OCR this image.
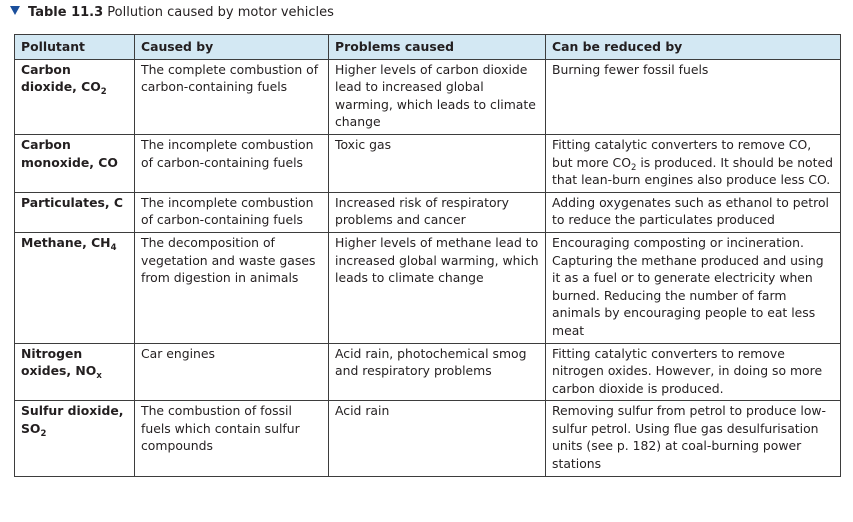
Table 11.3 Pollution caused by motor vehicles
Pollutant	Caused by	Problems caused	Can be reduced by
Carbon dioxide, $CO_2$	The complete combustion of carbon-containing fuels	Higher levels of carbon dioxide lead to increased global warming, which leads to climate change	Burning fewer fossil fuels
Carbon monoxide, CO	The incomplete combustion of carbon-containing fuels	Toxic gas	Fitting catalytic converters to remove CO, but more $CO_2$ is produced. It should be noted that lean-burn engines also produce less CO.
Particulates, C	The incomplete combustion of carbon-containing fuels	Increased risk of respiratory problems and cancer	Adding oxygenates such as ethanol to petrol to reduce the particulates produced
Methane, $CH_4$	The decomposition of vegetation and waste gases from digestion in animals	Higher levels of methane lead to increased global warming, which leads to climate change	Encouraging composting or incineration. Capturing the methane produced and using it as a fuel or to generate electricity when burned. Reducing the number of farm animals by encouraging people to eat less meat
Nitrogen oxides, $NO_x$	Car engines	Acid rain, photochemical smog and respiratory problems	Fitting catalytic converters to remove nitrogen oxides. However, in doing so more carbon dioxide is produced.
Sulfur dioxide, $SO_2$	The combustion of fossil fuels which contain sulfur compounds	Acid rain	Removing sulfur from petrol to produce low-sulfur petrol. Using flue gas desulfurisation units (see p. 182) at coal-burning power stations
